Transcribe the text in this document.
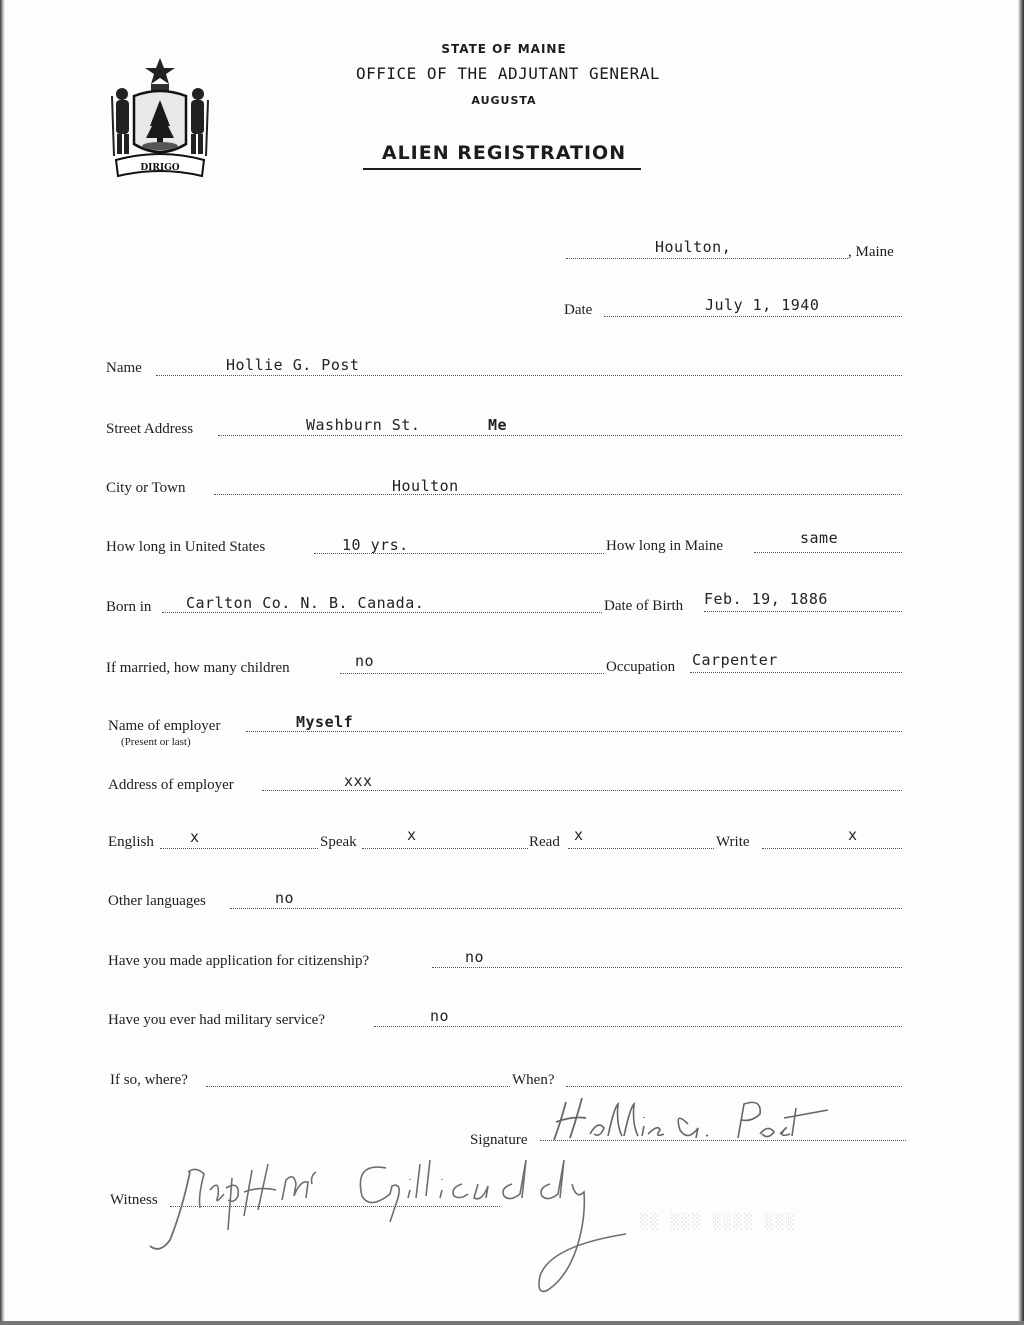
DIRIGO
STATE OF MAINE
OFFICE OF THE ADJUTANT GENERAL
AUGUSTA
ALIEN REGISTRATION
Houlton,	, Maine
Date	July 1, 1940
Name	Hollie G. Post
Street Address	Washburn St.	Me
City or Town	Houlton
How long in United States	10 yrs.	How long in Maine	same
Born in Carlton Co. N. B. Canada.	Date of Birth Feb. 19, 1886
If married, how many children	no	Occupation Carpenter
Name of employer
(Present or last)
Myself
Address of employer	xxx
English x	Speak	x	Read x	Write	x
Other languages	no
Have you made application for citizenship?	no
Have you ever had military service?	no
If so, where?	When?
Signature
Witness
░░ ░░░ ░░░░ ░░░
